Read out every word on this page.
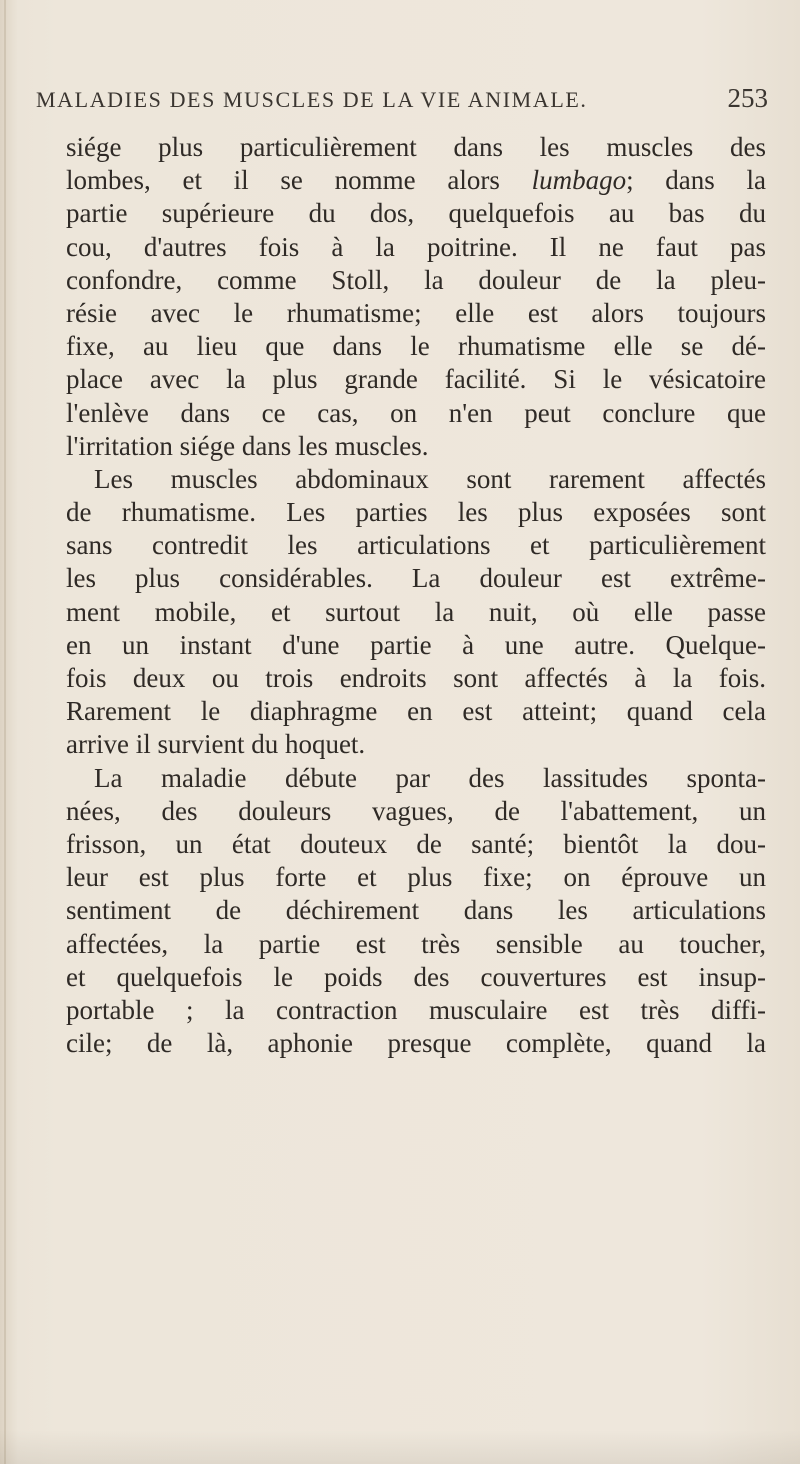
MALADIES DES MUSCLES DE LA VIE ANIMALE.	253
siége plus particulièrement dans les muscles des
lombes, et il se nomme alors lumbago; dans la
partie supérieure du dos, quelquefois au bas du
cou, d'autres fois à la poitrine. Il ne faut pas
confondre, comme Stoll, la douleur de la pleu-
résie avec le rhumatisme; elle est alors toujours
fixe, au lieu que dans le rhumatisme elle se dé-
place avec la plus grande facilité. Si le vésicatoire
l'enlève dans ce cas, on n'en peut conclure que
l'irritation siége dans les muscles.
Les muscles abdominaux sont rarement affectés
de rhumatisme. Les parties les plus exposées sont
sans contredit les articulations et particulièrement
les plus considérables. La douleur est extrême-
ment mobile, et surtout la nuit, où elle passe
en un instant d'une partie à une autre. Quelque-
fois deux ou trois endroits sont affectés à la fois.
Rarement le diaphragme en est atteint; quand cela
arrive il survient du hoquet.
La maladie débute par des lassitudes sponta-
nées, des douleurs vagues, de l'abattement, un
frisson, un état douteux de santé; bientôt la dou-
leur est plus forte et plus fixe; on éprouve un
sentiment de déchirement dans les articulations
affectées, la partie est très sensible au toucher,
et quelquefois le poids des couvertures est insup-
portable ; la contraction musculaire est très diffi-
cile; de là, aphonie presque complète, quand la
